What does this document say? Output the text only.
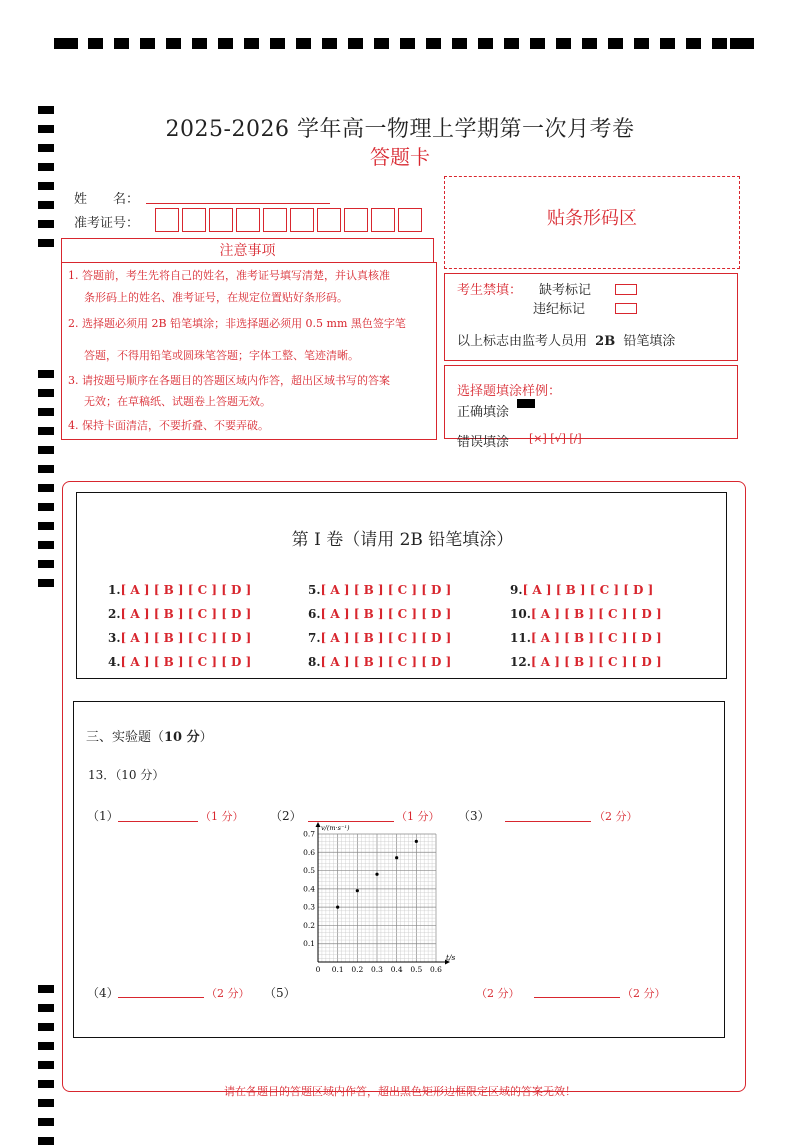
2025-2026 学年高一物理上学期第一次月考卷
答题卡
姓　　名：
准考证号：
注意事项

1. 答题前，考生先将自己的姓名，准考证号填写清楚，并认真核准

条形码上的姓名、准考证号，在规定位置贴好条形码。

2. 选择题必须用 2B 铅笔填涂；非选择题必须用 0.5 mm 黑色签字笔

答题，不得用铅笔或圆珠笔答题；字体工整、笔迹清晰。

3. 请按题号顺序在各题目的答题区域内作答，超出区域书写的答案

无效；在草稿纸、试题卷上答题无效。

4. 保持卡面清洁，不要折叠、不要弄破。

贴条形码区
考生禁填： 缺考标记
违纪标记
以上标志由监考人员用 2B 铅笔填涂
选择题填涂样例：
正确填涂
错误填涂 [×] [√] [/]
第 I 卷（请用 2B 铅笔填涂）
1.[ A ] [ B ] [ C ] [ D ]
2.[ A ] [ B ] [ C ] [ D ]
3.[ A ] [ B ] [ C ] [ D ]
4.[ A ] [ B ] [ C ] [ D ]
5.[ A ] [ B ] [ C ] [ D ]
6.[ A ] [ B ] [ C ] [ D ]
7.[ A ] [ B ] [ C ] [ D ]
8.[ A ] [ B ] [ C ] [ D ]
9.[ A ] [ B ] [ C ] [ D ]
10.[ A ] [ B ] [ C ] [ D ]
11.[ A ] [ B ] [ C ] [ D ]
12.[ A ] [ B ] [ C ] [ D ]
三、实验题（10 分）
13．（10 分）
（1）	（1 分） （2）	（1 分） （3）	（2 分）
（4）	（2 分） （5）	（2 分）	（2 分）
0 0.1 0.2 0.3 0.4 0.5 0.6
0.1
0.2
0.3
0.4
0.5
0.6
0.7
t/s
v/(m·s⁻¹)
请在各题目的答题区域内作答，超出黑色矩形边框限定区域的答案无效！
